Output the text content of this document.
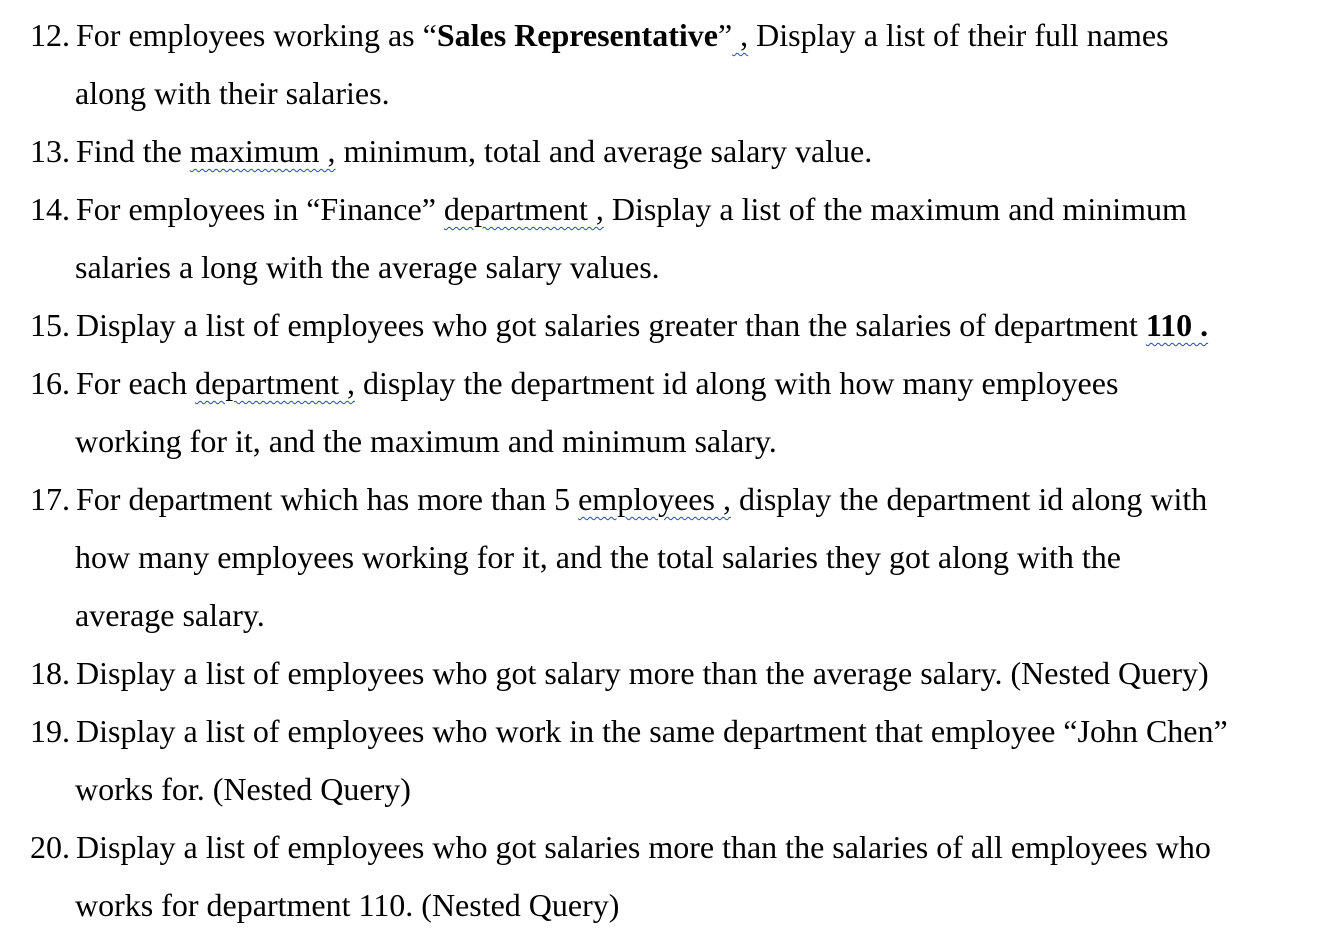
12. For employees working as “Sales Representative” , Display a list of their full names
along with their salaries.
13. Find the maximum , minimum, total and average salary value.
14. For employees in “Finance” department , Display a list of the maximum and minimum
salaries a long with the average salary values.
15. Display a list of employees who got salaries greater than the salaries of department 110 .
16. For each department , display the department id along with how many employees
working for it, and the maximum and minimum salary.
17. For department which has more than 5 employees , display the department id along with
how many employees working for it, and the total salaries they got along with the
average salary.
18. Display a list of employees who got salary more than the average salary. (Nested Query)
19. Display a list of employees who work in the same department that employee “John Chen”
works for. (Nested Query)
20. Display a list of employees who got salaries more than the salaries of all employees who
works for department 110. (Nested Query)
